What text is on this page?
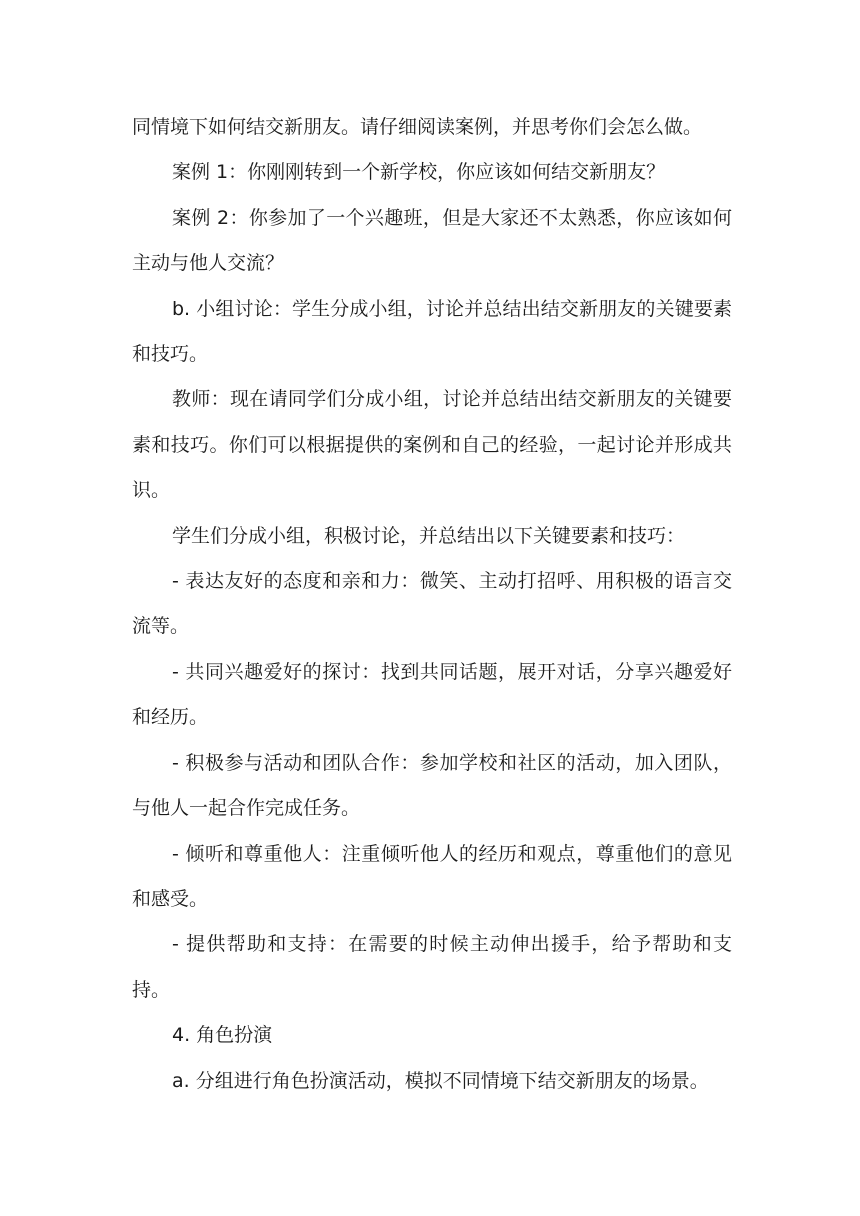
同情境下如何结交新朋友。请仔细阅读案例，并思考你们会怎么做。

案例 1：你刚刚转到一个新学校，你应该如何结交新朋友？

案例 2：你参加了一个兴趣班，但是大家还不太熟悉，你应该如何主动与他人交流？

b. 小组讨论：学生分成小组，讨论并总结出结交新朋友的关键要素和技巧。

教师：现在请同学们分成小组，讨论并总结出结交新朋友的关键要素和技巧。你们可以根据提供的案例和自己的经验，一起讨论并形成共识。

学生们分成小组，积极讨论，并总结出以下关键要素和技巧：

- 表达友好的态度和亲和力：微笑、主动打招呼、用积极的语言交流等。

- 共同兴趣爱好的探讨：找到共同话题，展开对话，分享兴趣爱好和经历。

- 积极参与活动和团队合作：参加学校和社区的活动，加入团队，与他人一起合作完成任务。

- 倾听和尊重他人：注重倾听他人的经历和观点，尊重他们的意见和感受。

- 提供帮助和支持：在需要的时候主动伸出援手，给予帮助和支持。

4. 角色扮演

a. 分组进行角色扮演活动，模拟不同情境下结交新朋友的场景。
